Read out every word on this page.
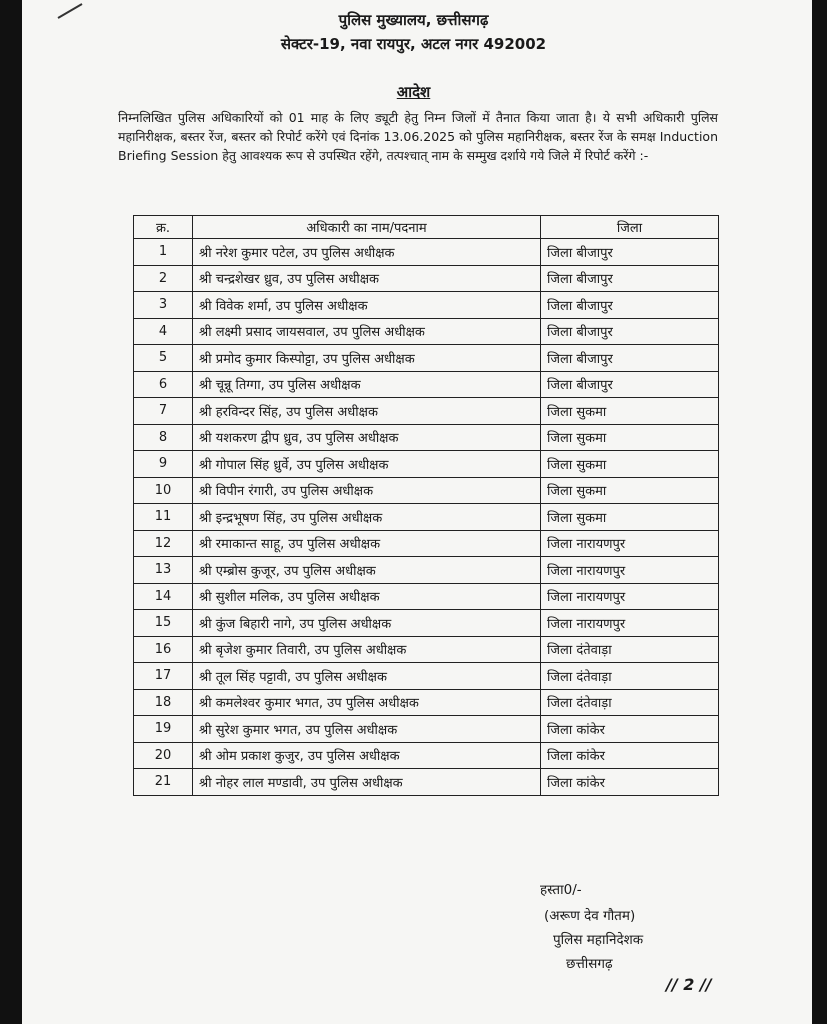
पुलिस मुख्यालय, छत्तीसगढ़
सेक्टर-19, नवा रायपुर, अटल नगर 492002
आदेश
निम्नलिखित पुलिस अधिकारियों को 01 माह के लिए ड्यूटी हेतु निम्न जिलों में तैनात किया जाता है। ये सभी अधिकारी पुलिस महानिरीक्षक, बस्तर रेंज, बस्तर को रिपोर्ट करेंगे एवं दिनांक 13.06.2025 को पुलिस महानिरीक्षक, बस्तर रेंज के समक्ष Induction Briefing Session हेतु आवश्यक रूप से उपस्थित रहेंगे, तत्पश्चात् नाम के सम्मुख दर्शाये गये जिले में रिपोर्ट करेंगे :-
क्र.	अधिकारी का नाम/पदनाम	जिला
1	श्री नरेश कुमार पटेल, उप पुलिस अधीक्षक	जिला बीजापुर
2	श्री चन्द्रशेखर ध्रुव, उप पुलिस अधीक्षक	जिला बीजापुर
3	श्री विवेक शर्मा, उप पुलिस अधीक्षक	जिला बीजापुर
4	श्री लक्ष्मी प्रसाद जायसवाल, उप पुलिस अधीक्षक	जिला बीजापुर
5	श्री प्रमोद कुमार किस्पोट्टा, उप पुलिस अधीक्षक	जिला बीजापुर
6	श्री चून्नू तिग्गा, उप पुलिस अधीक्षक	जिला बीजापुर
7	श्री हरविन्दर सिंह, उप पुलिस अधीक्षक	जिला सुकमा
8	श्री यशकरण द्वीप ध्रुव, उप पुलिस अधीक्षक	जिला सुकमा
9	श्री गोपाल सिंह ध्रुर्वे, उप पुलिस अधीक्षक	जिला सुकमा
10	श्री विपीन रंगारी, उप पुलिस अधीक्षक	जिला सुकमा
11	श्री इन्द्रभूषण सिंह, उप पुलिस अधीक्षक	जिला सुकमा
12	श्री रमाकान्त साहू, उप पुलिस अधीक्षक	जिला नारायणपुर
13	श्री एम्ब्रोस कुजूर, उप पुलिस अधीक्षक	जिला नारायणपुर
14	श्री सुशील मलिक, उप पुलिस अधीक्षक	जिला नारायणपुर
15	श्री कुंज बिहारी नागे, उप पुलिस अधीक्षक	जिला नारायणपुर
16	श्री बृजेश कुमार तिवारी, उप पुलिस अधीक्षक	जिला दंतेवाड़ा
17	श्री तूल सिंह पट्टावी, उप पुलिस अधीक्षक	जिला दंतेवाड़ा
18	श्री कमलेश्वर कुमार भगत, उप पुलिस अधीक्षक	जिला दंतेवाड़ा
19	श्री सुरेश कुमार भगत, उप पुलिस अधीक्षक	जिला कांकेर
20	श्री ओम प्रकाश कुजुर, उप पुलिस अधीक्षक	जिला कांकेर
21	श्री नोहर लाल मण्डावी, उप पुलिस अधीक्षक	जिला कांकेर
हस्ता0/-
(अरूण देव गौतम)
पुलिस महानिदेशक
छत्तीसगढ़
// 2 //
